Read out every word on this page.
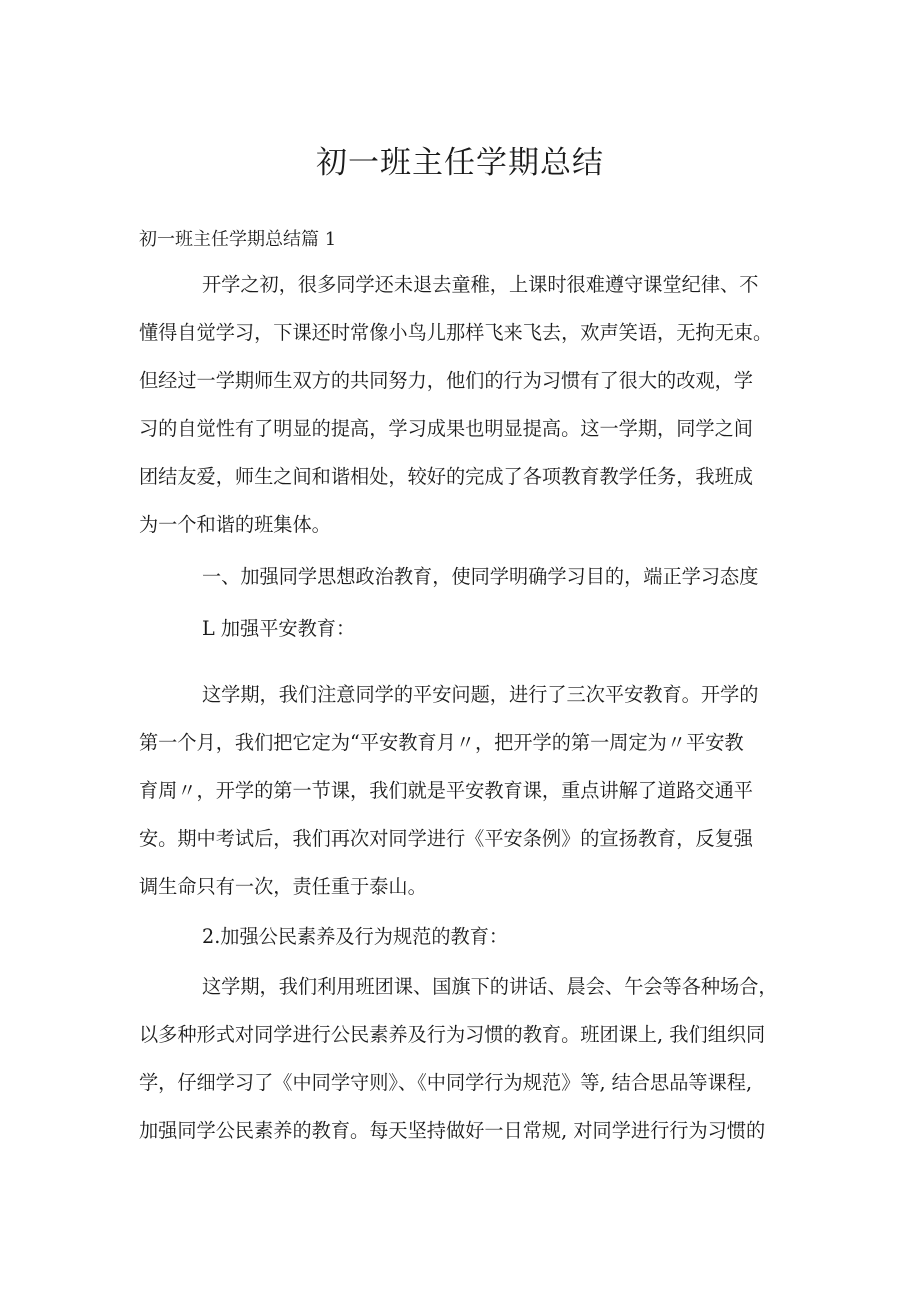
初一班主任学期总结
初一班主任学期总结篇 1
开学之初，很多同学还未退去童稚，上课时很难遵守课堂纪律、不
懂得自觉学习，下课还时常像小鸟儿那样飞来飞去，欢声笑语，无拘无束。
但经过一学期师生双方的共同努力，他们的行为习惯有了很大的改观，学
习的自觉性有了明显的提高，学习成果也明显提高。这一学期，同学之间
团结友爱，师生之间和谐相处，较好的完成了各项教育教学任务，我班成
为一个和谐的班集体。
一、加强同学思想政治教育，使同学明确学习目的，端正学习态度
L 加强平安教育：
这学期，我们注意同学的平安问题，进行了三次平安教育。开学的
第一个月，我们把它定为“平安教育月〃，把开学的第一周定为〃平安教
育周〃，开学的第一节课，我们就是平安教育课，重点讲解了道路交通平
安。期中考试后，我们再次对同学进行《平安条例》的宣扬教育，反复强
调生命只有一次，责任重于泰山。
2.加强公民素养及行为规范的教育：
这学期，我们利用班团课、国旗下的讲话、晨会、午会等各种场合，
以多种形式对同学进行公民素养及行为习惯的教育。班团课上, 我们组织同
学，仔细学习了《中同学守则》、《中同学行为规范》等, 结合思品等课程,
加强同学公民素养的教育。每天坚持做好一日常规, 对同学进行行为习惯的
